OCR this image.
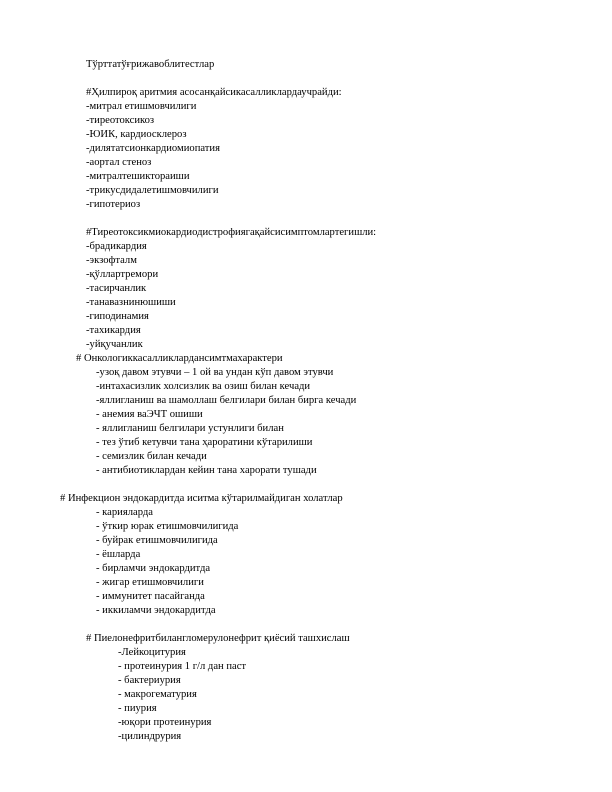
Тўрттатўғрижавоблитестлар
#Ҳилпироқ аритмия асосанқайсикасалликлардаучрайди:
-митрал етишмовчилиги
-тиреотоксикоз
-ЮИК, кардиосклероз
-дилятатсионкардиомиопатия
-аортал стеноз
-митралтешиктораиши
-трикусдидалетишмовчилиги
-гипотериоз
#Тиреотоксикмиокардиодистрофиягақайсисимптомлартегишли:
-брадикардия
-экзофталм
-қўллартремори
-тасирчанлик
-танавазнинюшиши
-гиподинамия
-тахикардия
-уйқучанлик
# Онкологиккасалликлардансимтмахарактери
-узоқ давом этувчи – 1 ой ва ундан кўп давом этувчи
-интахасизлик холсизлик ва озиш билан кечади
-яллигланиш ва шамоллаш белгилари билан бирга кечади
- анемия ваЭЧТ ошиши
- яллигланиш белгилари устунлиги билан
- тез ўтиб кетувчи тана ҳароратини кўтарилиши
- семизлик билан кечади
- антибиотиклардан кейин тана харорати тушади
# Инфекцион эндокардитда иситма кўтарилмайдиган холатлар
- карияларда
- ўткир юрак етишмовчилигида
- буйрак етишмовчилигида
- ёшларда
- бирламчи эндокардитда
- жигар етишмовчилиги
- иммунитет пасайганда
- иккиламчи эндокардитда
# Пиелонефритбилангломерулонефрит қиёсий ташхислаш
-Лейкоцитурия
- протеинурия 1 г/л дан паст
- бактериурия
- макрогематурия
- пиурия
-юқори протеинурия
-цилиндрурия
